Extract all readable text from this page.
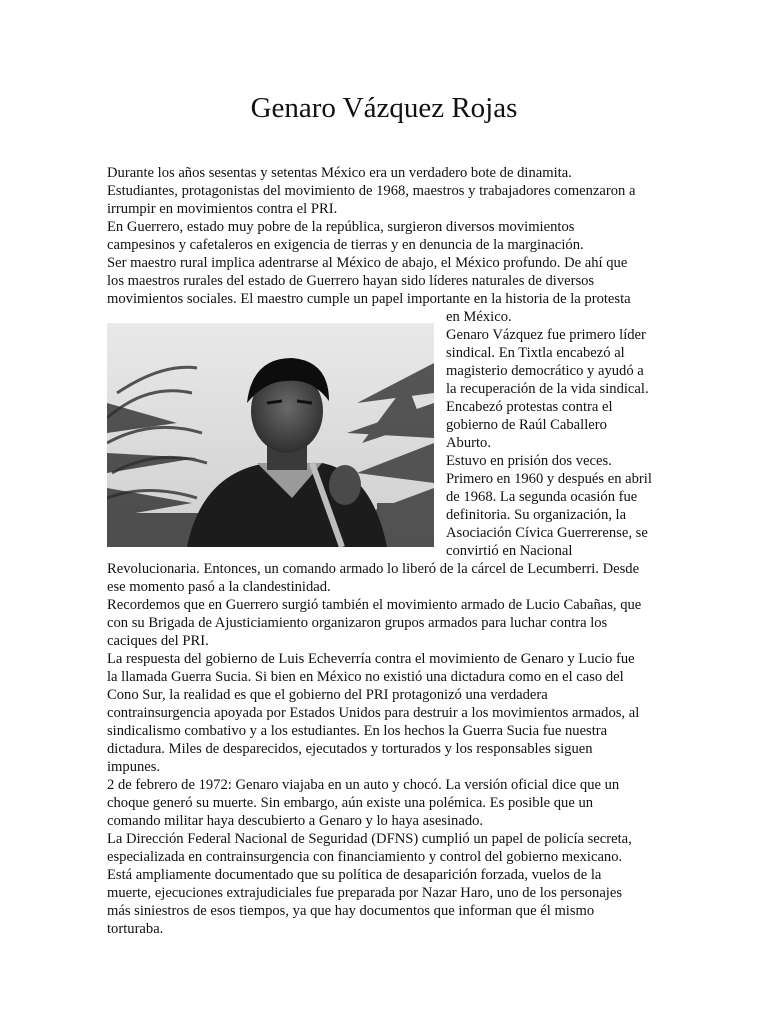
Genaro Vázquez Rojas

Durante los años sesentas y setentas México era un verdadero bote de dinamita.

Estudiantes, protagonistas del movimiento de 1968, maestros y trabajadores comenzaron a

irrumpir en movimientos contra el PRI.

En Guerrero, estado muy pobre de la república, surgieron diversos movimientos

campesinos y cafetaleros en exigencia de tierras y en denuncia de la marginación.

Ser maestro rural implica adentrarse al México de abajo, el México profundo. De ahí que

los maestros rurales del estado de Guerrero hayan sido líderes naturales de diversos

movimientos sociales. El maestro cumple un papel importante en la historia de la protesta

en México.

Genaro Vázquez fue primero líder

sindical. En Tixtla encabezó al

magisterio democrático y ayudó a

la recuperación de la vida sindical.

Encabezó protestas contra el

gobierno de Raúl Caballero

Aburto.

Estuvo en prisión dos veces.

Primero en 1960 y después en abril

de 1968. La segunda ocasión fue

definitoria. Su organización, la

Asociación Cívica Guerrerense, se

convirtió en Nacional

Revolucionaria. Entonces, un comando armado lo liberó de la cárcel de Lecumberri. Desde

ese momento pasó a la clandestinidad.

Recordemos que en Guerrero surgió también el movimiento armado de Lucio Cabañas, que

con su Brigada de Ajusticiamiento organizaron grupos armados para luchar contra los

caciques del PRI.

La respuesta del gobierno de Luis Echeverría contra el movimiento de Genaro y Lucio fue

la llamada Guerra Sucia. Si bien en México no existió una dictadura como en el caso del

Cono Sur, la realidad es que el gobierno del PRI protagonizó una verdadera

contrainsurgencia apoyada por Estados Unidos para destruir a los movimientos armados, al

sindicalismo combativo y a los estudiantes. En los hechos la Guerra Sucia fue nuestra

dictadura. Miles de desparecidos, ejecutados y torturados y los responsables siguen

impunes.

2 de febrero de 1972: Genaro viajaba en un auto y chocó. La versión oficial dice que un

choque generó su muerte. Sin embargo, aún existe una polémica. Es posible que un

comando militar haya descubierto a Genaro y lo haya asesinado.

La Dirección Federal Nacional de Seguridad (DFNS) cumplió un papel de policía secreta,

especializada en contrainsurgencia con financiamiento y control del gobierno mexicano.

Está ampliamente documentado que su política de desaparición forzada, vuelos de la

muerte, ejecuciones extrajudiciales fue preparada por Nazar Haro, uno de los personajes

más siniestros de esos tiempos, ya que hay documentos que informan que él mismo

torturaba.
